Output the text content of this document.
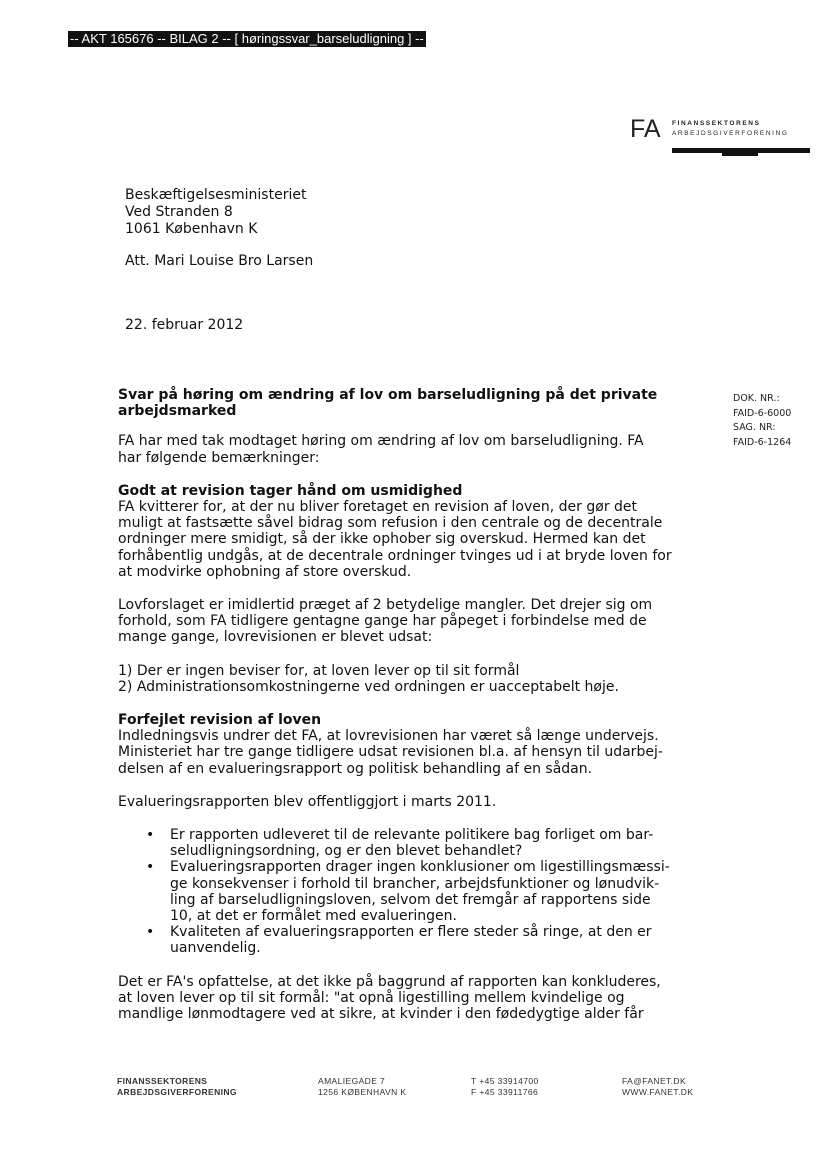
-- AKT 165676 -- BILAG 2 -- [ høringssvar_barseludligning ] --
FA FINANSSEKTORENS
ARBEJDSGIVERFORENING
Beskæftigelsesministeriet
Ved Stranden 8
1061 København K
Att. Mari Louise Bro Larsen
22. februar 2012
DOK. NR.:
FAID-6-6000
SAG. NR:
FAID-6-1264

Svar på høring om ændring af lov om barseludligning på det private
arbejdsmarked

FA har med tak modtaget høring om ændring af lov om barseludligning. FA
har følgende bemærkninger:

Godt at revision tager hånd om usmidighed

FA kvitterer for, at der nu bliver foretaget en revision af loven, der gør det
muligt at fastsætte såvel bidrag som refusion i den centrale og de decentrale
ordninger mere smidigt, så der ikke ophober sig overskud. Hermed kan det
forhåbentlig undgås, at de decentrale ordninger tvinges ud i at bryde loven for
at modvirke ophobning af store overskud.

Lovforslaget er imidlertid præget af 2 betydelige mangler. Det drejer sig om
forhold, som FA tidligere gentagne gange har påpeget i forbindelse med de
mange gange, lovrevisionen er blevet udsat:

1) Der er ingen beviser for, at loven lever op til sit formål
2) Administrationsomkostningerne ved ordningen er uacceptabelt høje.

Forfejlet revision af loven

Indledningsvis undrer det FA, at lovrevisionen har været så længe undervejs.
Ministeriet har tre gange tidligere udsat revisionen bl.a. af hensyn til udarbej-
delsen af en evalueringsrapport og politisk behandling af en sådan.

Evalueringsrapporten blev offentliggjort i marts 2011.

• Er rapporten udleveret til de relevante politikere bag forliget om bar-
seludligningsordning, og er den blevet behandlet?
• Evalueringsrapporten drager ingen konklusioner om ligestillingsmæssi-
ge konsekvenser i forhold til brancher, arbejdsfunktioner og lønudvik-
ling af barseludligningsloven, selvom det fremgår af rapportens side
10, at det er formålet med evalueringen.
• Kvaliteten af evalueringsrapporten er flere steder så ringe, at den er
uanvendelig.

Det er FA's opfattelse, at det ikke på baggrund af rapporten kan konkluderes,
at loven lever op til sit formål: "at opnå ligestilling mellem kvindelige og
mandlige lønmodtagere ved at sikre, at kvinder i den fødedygtige alder får

FINANSSEKTORENS
ARBEJDSGIVERFORENING
AMALIEGADE 7
1256 KØBENHAVN K
T +45 33914700
F +45 33911766
FA@FANET.DK
WWW.FANET.DK
